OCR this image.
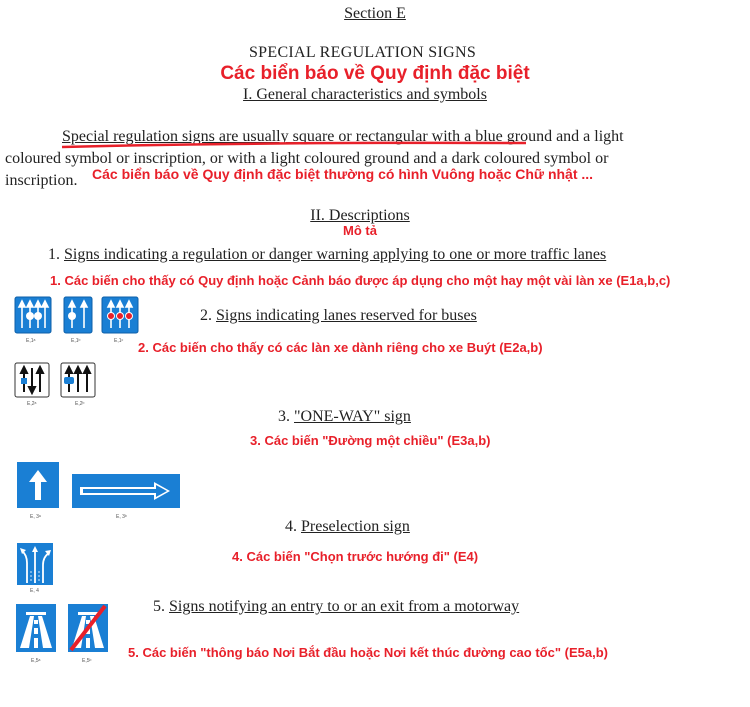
Section E
SPECIAL REGULATION SIGNS
Các biển báo về Quy định đặc biệt
I. General characteristics and symbols
Special regulation signs are usually square or rectangular with a blue ground and a light
coloured symbol or inscription, or with a light coloured ground and a dark coloured symbol or
inscription. Các biển báo về Quy định đặc biệt thường có hình Vuông hoặc Chữ nhật ...
II. Descriptions
Mô tả
1. Signs indicating a regulation or danger warning applying to one or more traffic lanes
1. Các biến cho thấy có Quy định hoặc Cảnh báo được áp dụng cho một hay một vài làn xe (E1a,b,c)
E,1ᵃ	E,1ᵇ	E,1ᶜ
2. Signs indicating lanes reserved for buses
2. Các biến cho thấy có các làn xe dành riêng cho xe Buýt (E2a,b)
E,2ᵃ	E,2ᵇ
3. "ONE-WAY" sign
3. Các biến "Đường một chiều" (E3a,b)
E, 3ᵃ	E, 3ᵇ
4. Preselection sign
4. Các biến "Chọn trước hướng đi" (E4)
E, 4
5. Signs notifying an entry to or an exit from a motorway
5. Các biến "thông báo Nơi Bắt đầu hoặc Nơi kết thúc đường cao tốc" (E5a,b)
E,5ᵃ	E,5ᵇ
